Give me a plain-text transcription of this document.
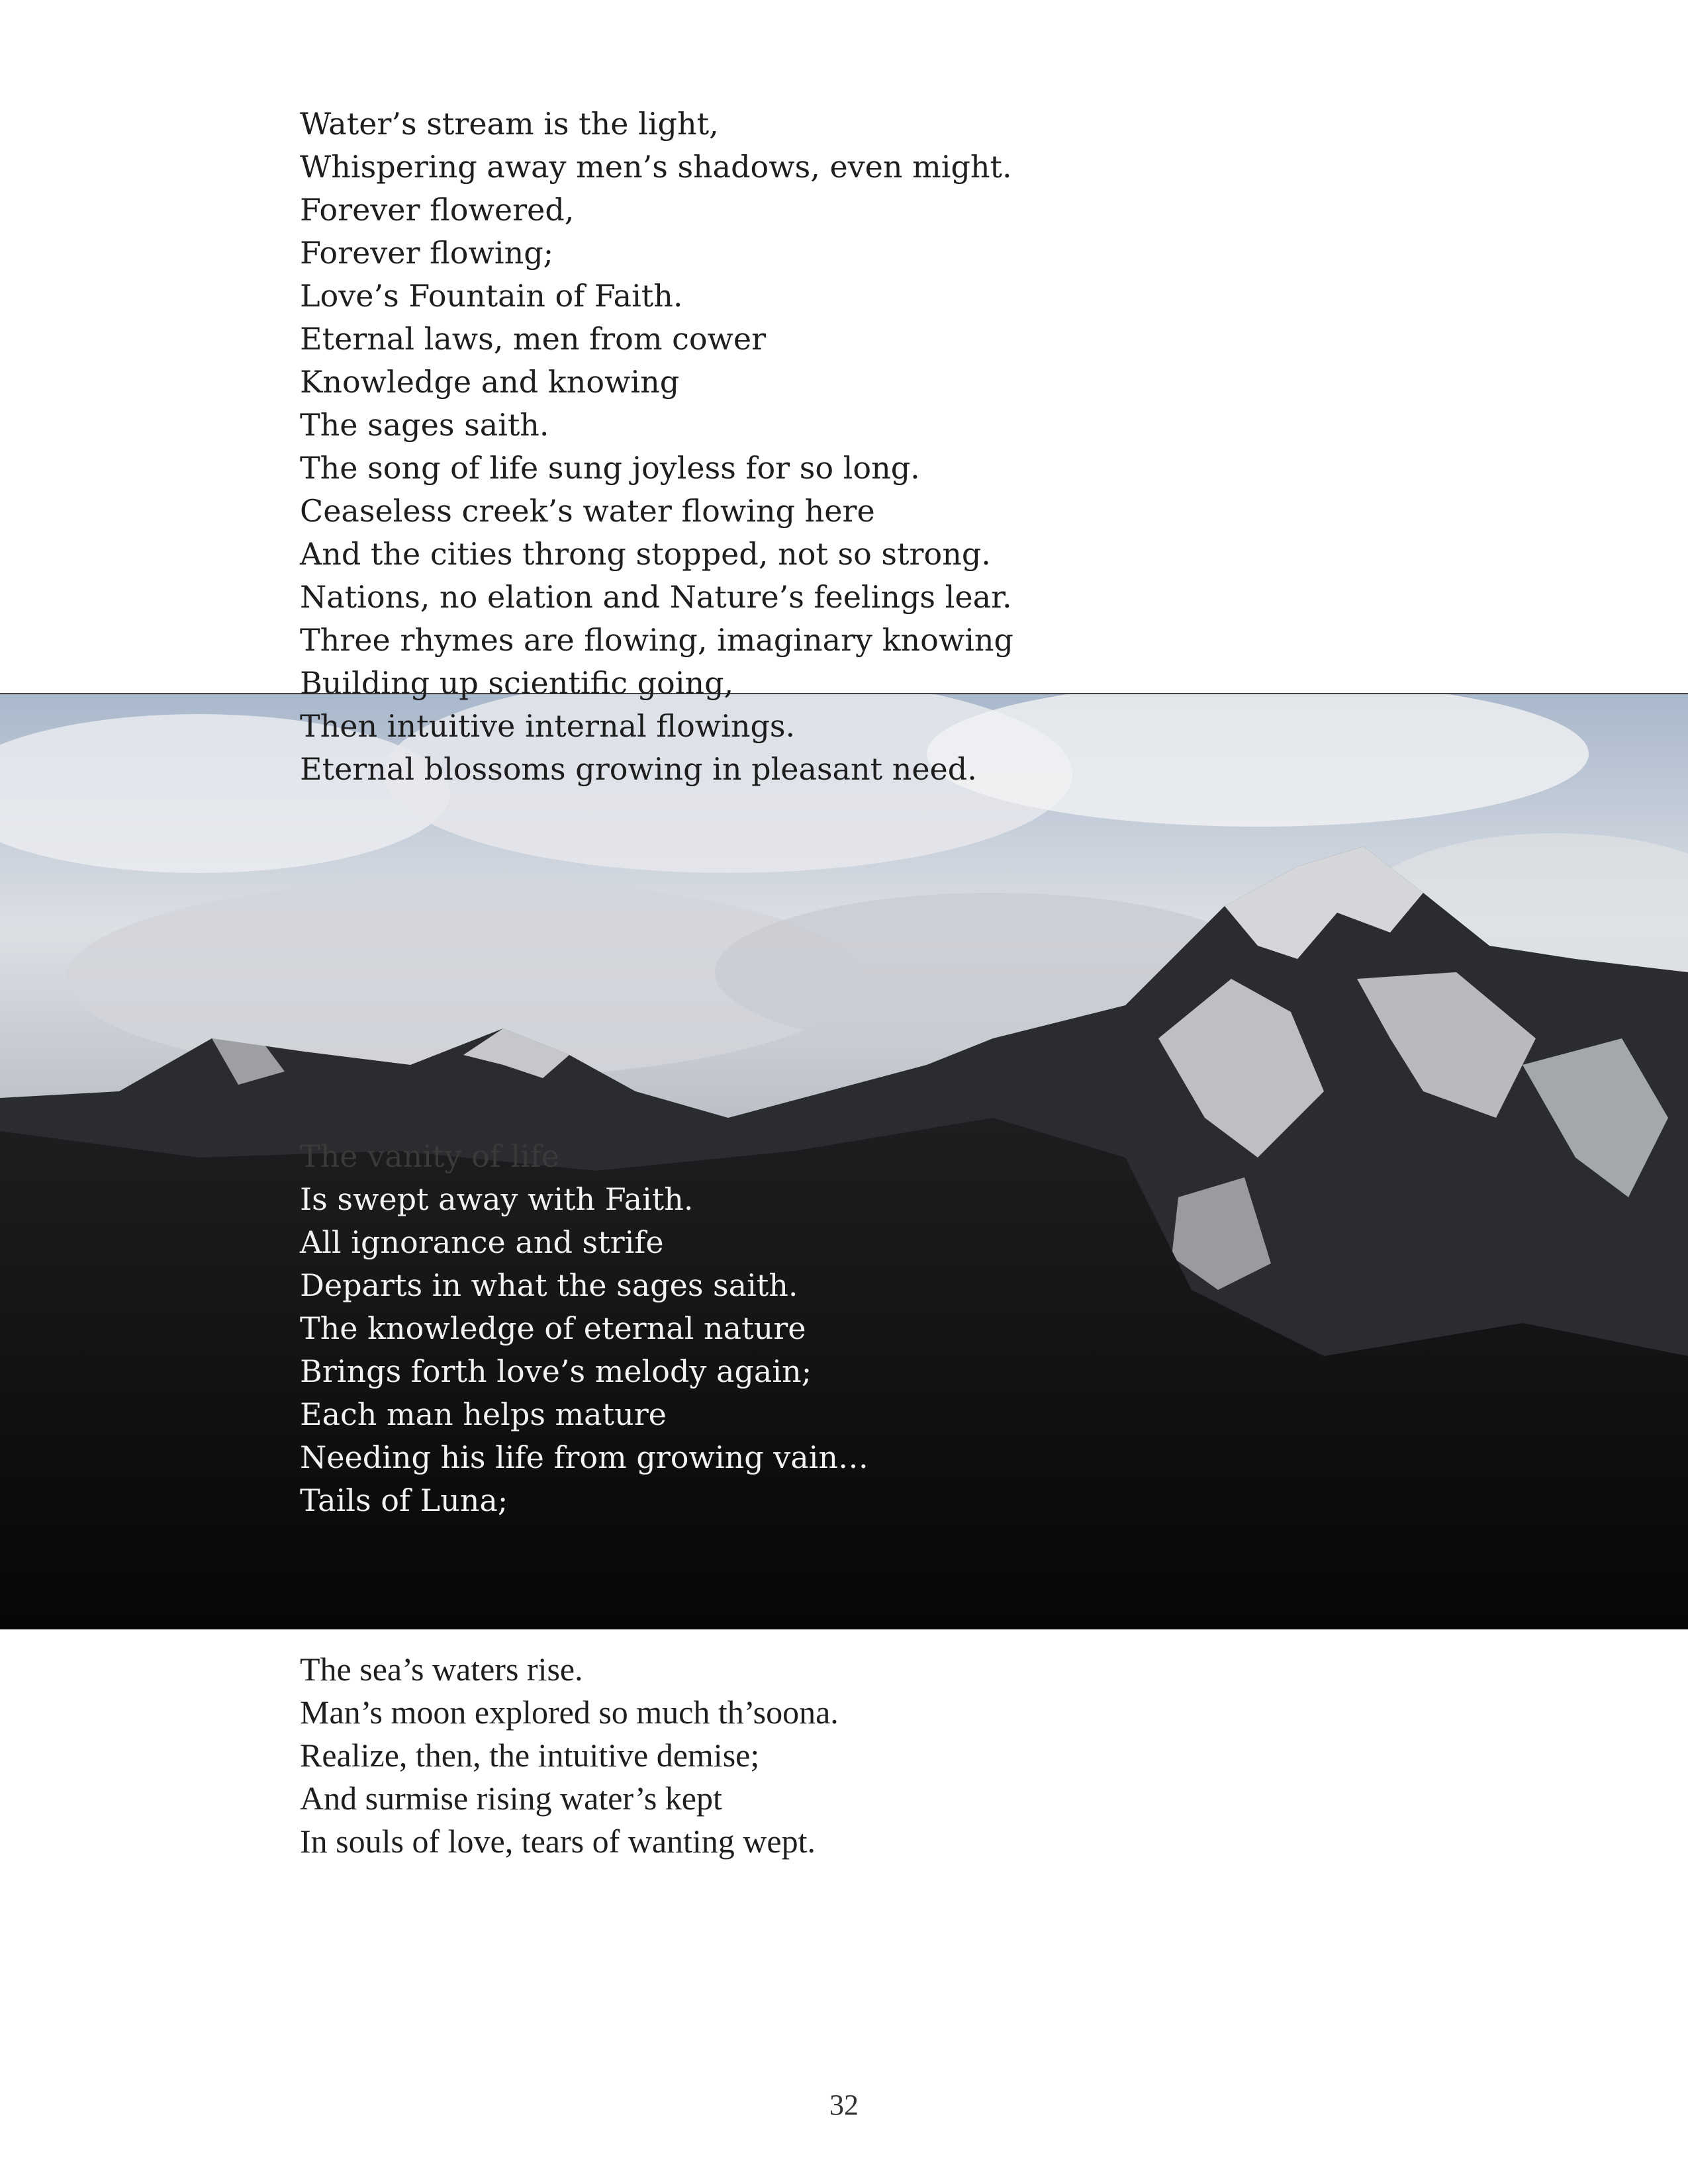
Water’s stream is the light,
Whispering away men’s shadows, even might.
Forever flowered,
Forever flowing;
Love’s Fountain of Faith.
Eternal laws, men from cower
Knowledge and knowing
The sages saith.
The song of life sung joyless for so long.
Ceaseless creek’s water flowing here
And the cities throng stopped, not so strong.
Nations, no elation and Nature’s feelings lear.
Three rhymes are flowing, imaginary knowing
Building up scientific going,
Then intuitive internal flowings.
Eternal blossoms growing in pleasant need.
The vanity of life
Is swept away with Faith.
All ignorance and strife
Departs in what the sages saith.
The knowledge of eternal nature
Brings forth love’s melody again;
Each man helps mature
Needing his life from growing vain…
Tails of Luna;
The sea’s waters rise.
Man’s moon explored so much th’soona.
Realize, then, the intuitive demise;
And surmise rising water’s kept
In souls of love, tears of wanting wept.
32
